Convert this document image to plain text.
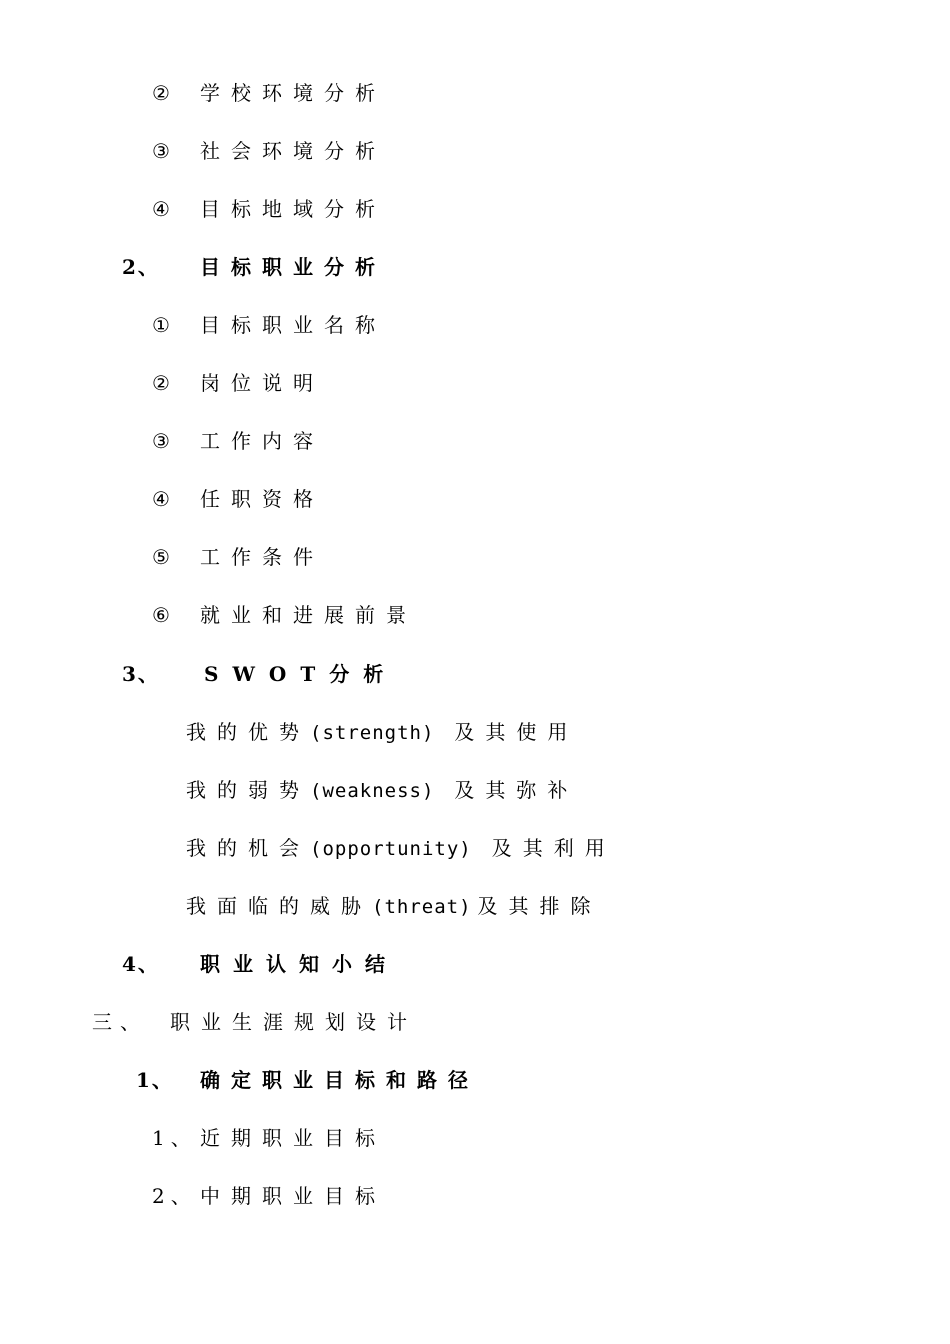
② 学校环境分析
③ 社会环境分析
④ 目标地域分析
2、 目标职业分析
① 目标职业名称
② 岗位说明
③ 工作内容
④ 任职资格
⑤ 工作条件
⑥ 就业和进展前景
3、 SWOT分析
我的优势(strength) 及其使用
我的弱势(weakness) 及其弥补
我的机会(opportunity) 及其利用
我面临的威胁(threat) 及其排除
4、 职业认知小结
三、 职业生涯规划设计
1、 确定职业目标和路径
1、 近期职业目标
2、 中期职业目标
